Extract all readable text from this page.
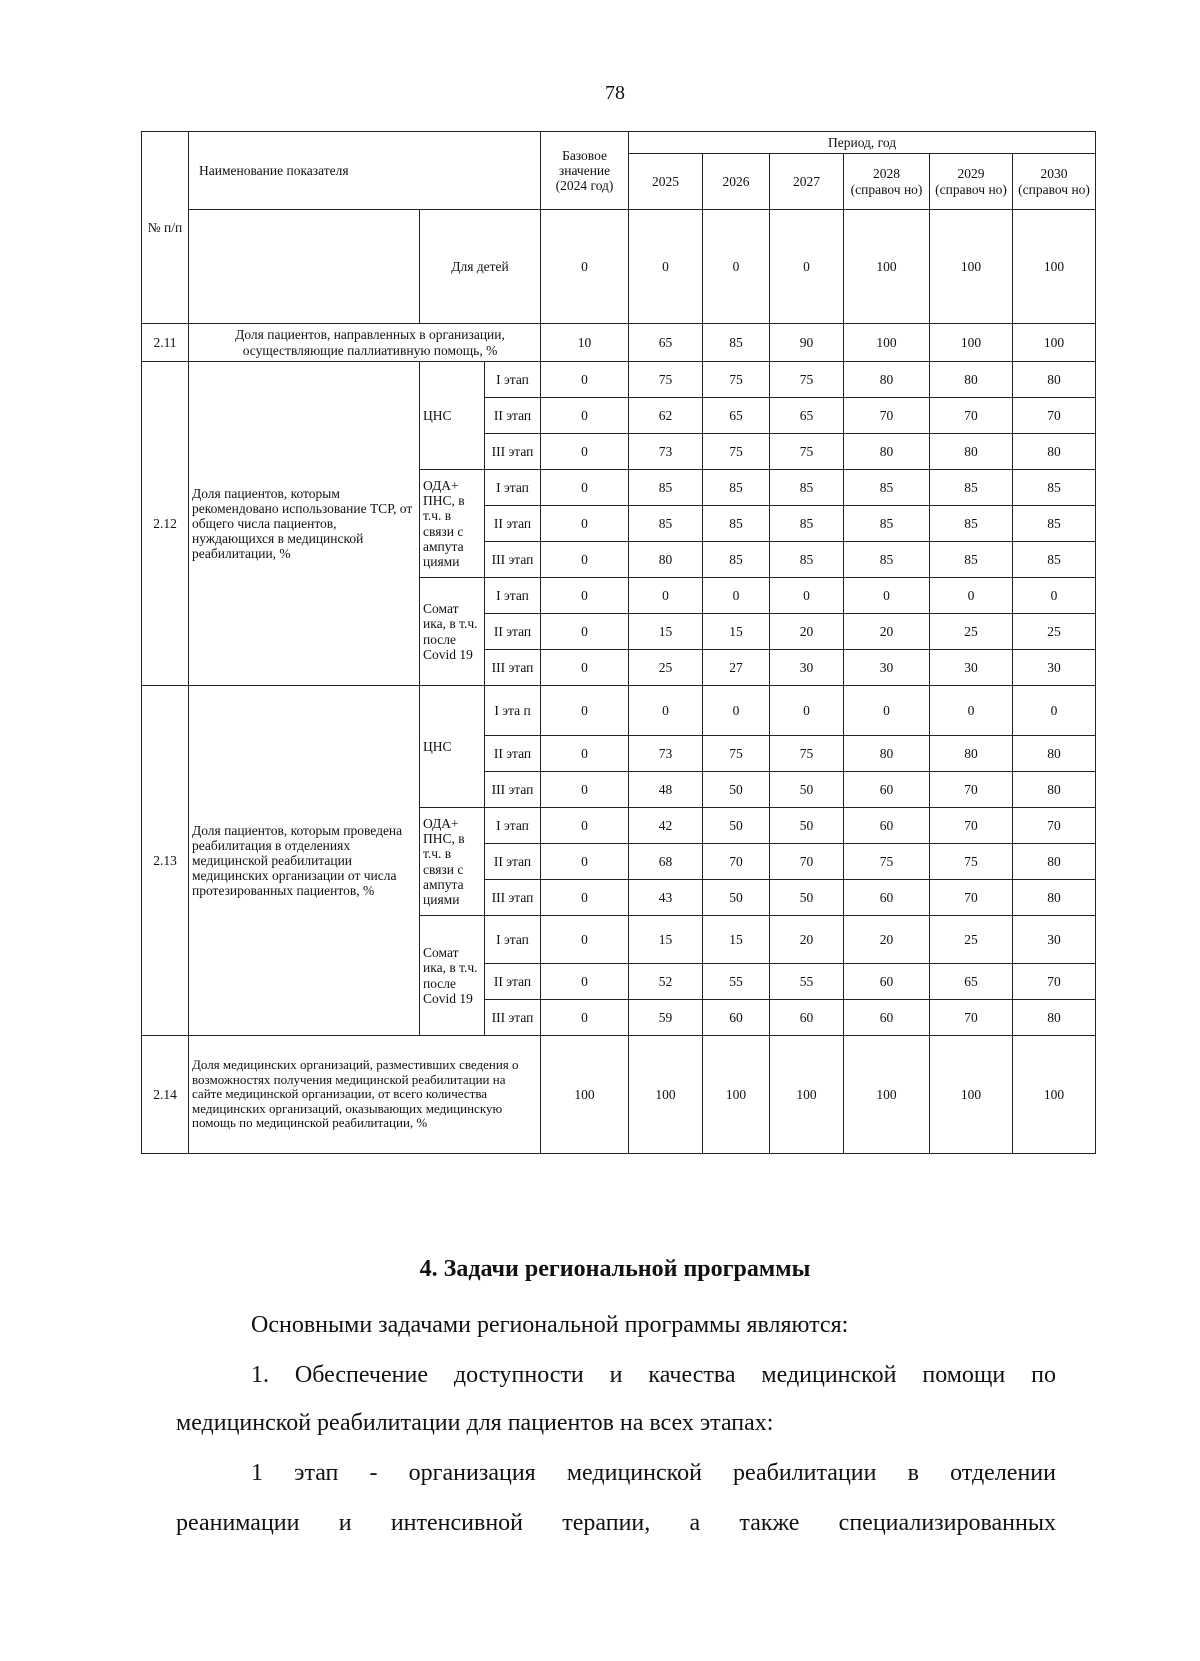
78
№ п/п	Наименование показателя			Базовое значение (2024 год)	Период, год					
					2025	2026	2027	2028 (справоч но)	2029 (справоч но)	2030 (справоч но)
		Для детей		0	0	0	0	100	100	100
2.11	Доля пациентов, направленных в организации, осуществляющие паллиативную помощь, %			10	65	85	90	100	100	100
2.12	Доля пациентов, которым рекомендовано использование ТСР, от общего числа пациентов, нуждающихся в медицинской реабилитации, %	ЦНС	I этап	0	75	75	75	80	80	80
			II этап	0	62	65	65	70	70	70
			III этап	0	73	75	75	80	80	80
		ОДА+ ПНС, в т.ч. в связи с ампута циями	I этап	0	85	85	85	85	85	85
			II этап	0	85	85	85	85	85	85
			III этап	0	80	85	85	85	85	85
		Сомат ика, в т.ч. после Covid 19	I этап	0	0	0	0	0	0	0
			II этап	0	15	15	20	20	25	25
			III этап	0	25	27	30	30	30	30
2.13	Доля пациентов, которым проведена реабилитация в отделениях медицинской реабилитации медицинских организации от числа протезированных пациентов, %	ЦНС	I эта п	0	0	0	0	0	0	0
			II этап	0	73	75	75	80	80	80
			III этап	0	48	50	50	60	70	80
		ОДА+ ПНС, в т.ч. в связи с ампута циями	I этап	0	42	50	50	60	70	70
			II этап	0	68	70	70	75	75	80
			III этап	0	43	50	50	60	70	80
		Сомат ика, в т.ч. после Covid 19	I этап	0	15	15	20	20	25	30
			II этап	0	52	55	55	60	65	70
			III этап	0	59	60	60	60	70	80
2.14	Доля медицинских организаций, разместивших сведения о возможностях получения медицинской реабилитации на сайте медицинской организации, от всего количества медицинских организаций, оказывающих медицинскую помощь по медицинской реабилитации, %			100	100	100	100	100	100	100
4. Задачи региональной программы
Основными задачами региональной программы являются:
1. Обеспечение доступности и качества медицинской помощи по
медицинской реабилитации для пациентов на всех этапах:
1 этап - организация медицинской реабилитации в отделении
реанимации и интенсивной терапии, а также специализированных
